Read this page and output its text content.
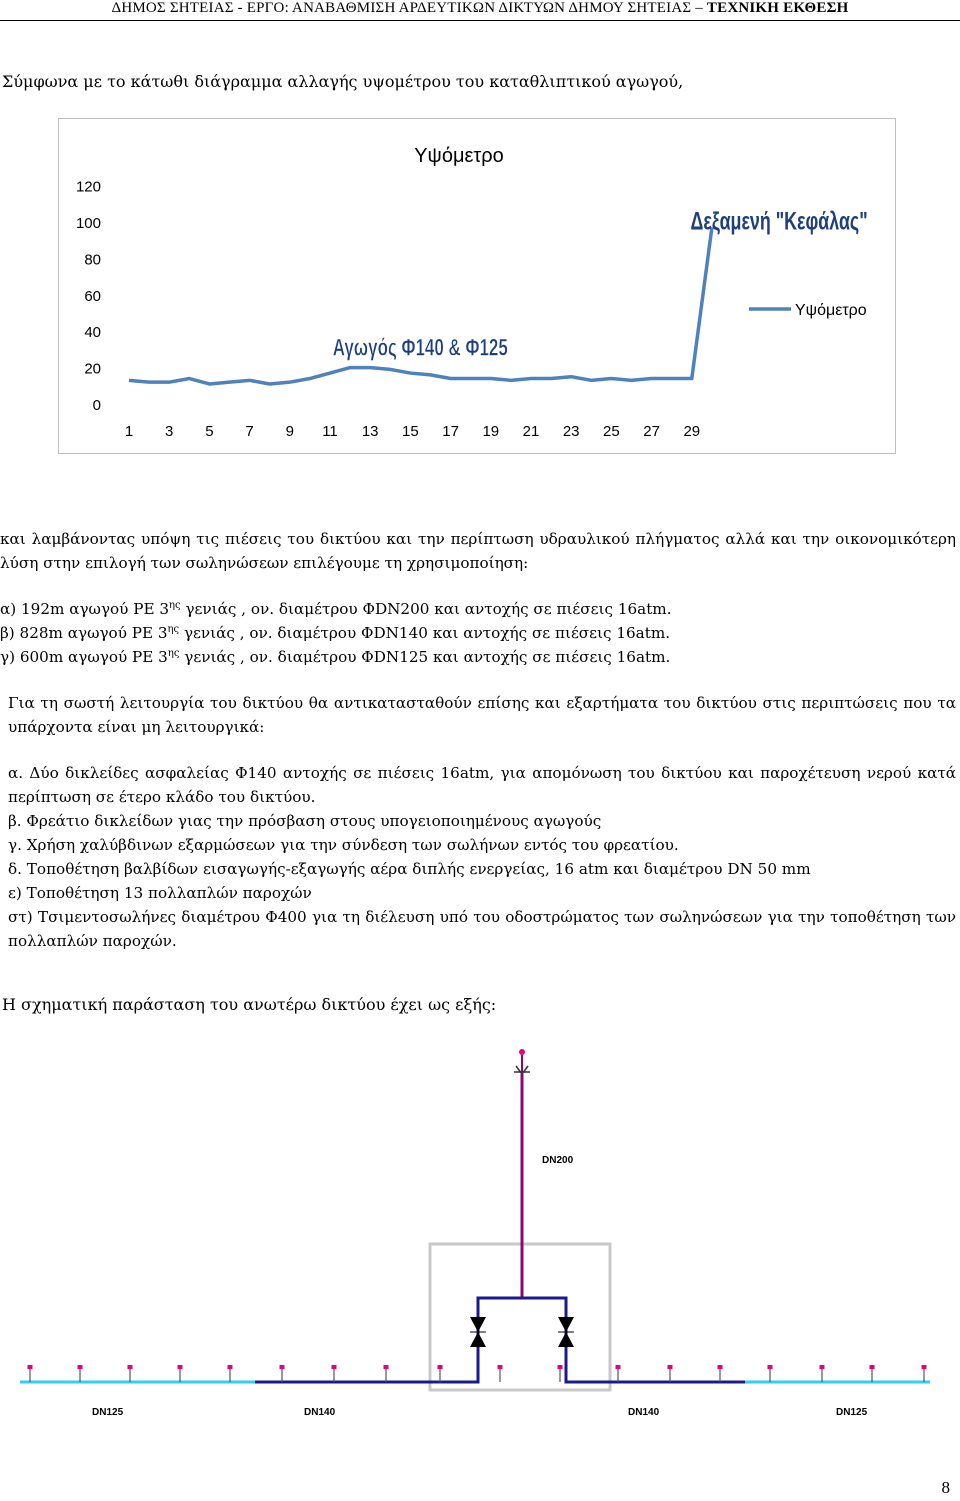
ΔΗΜΟΣ ΣΗΤΕΙΑΣ - ΕΡΓΟ: ΑΝΑΒΑΘΜΙΣΗ ΑΡΔΕΥΤΙΚΩΝ ΔΙΚΤΥΩΝ ΔΗΜΟΥ ΣΗΤΕΙΑΣ – ΤΕΧΝΙΚΗ ΕΚΘΕΣΗ
Σύμφωνα με το κάτωθι διάγραμμα αλλαγής υψομέτρου του καταθλιπτικού αγωγού,
Υψόμετρο
0
20
40
60
80
100
120
1 3 5 7 9 11 13 15 17 19 21 23 25 27 29
Αγωγός Φ140 & Φ125
Δεξαμενή "Κεφάλας"
Υψόμετρο

και λαμβάνοντας υπόψη τις πιέσεις του δικτύου και την περίπτωση υδραυλικού πλήγματος αλλά και την οικονομικότερη λύση στην επιλογή των σωληνώσεων επιλέγουμε τη χρησιμοποίηση:

α) 192m αγωγού PE $3^{\eta\varsigma}$ γενιάς , ον. διαμέτρου ΦDN200 και αντοχής σε πιέσεις 16atm.
β) 828m αγωγού PE $3^{\eta\varsigma}$ γενιάς , ον. διαμέτρου ΦDN140 και αντοχής σε πιέσεις 16atm.
γ) 600m αγωγού PE $3^{\eta\varsigma}$ γενιάς , ον. διαμέτρου ΦDN125 και αντοχής σε πιέσεις 16atm.

Για τη σωστή λειτουργία του δικτύου θα αντικατασταθούν επίσης και εξαρτήματα του δικτύου στις περιπτώσεις που τα υπάρχοντα είναι μη λειτουργικά:

α. Δύο δικλείδες ασφαλείας Φ140 αντοχής σε πιέσεις 16atm, για απομόνωση του δικτύου και παροχέτευση νερού κατά περίπτωση σε έτερο κλάδο του δικτύου.

β. Φρεάτιο δικλείδων γιας την πρόσβαση στους υπογειοποιημένους αγωγούς

γ. Χρήση χαλύβδινων εξαρμώσεων για την σύνδεση των σωλήνων εντός του φρεατίου.

δ. Τοποθέτηση βαλβίδων εισαγωγής-εξαγωγής αέρα διπλής ενεργείας, 16 atm και διαμέτρου DN 50 mm

ε) Τοποθέτηση 13 πολλαπλών παροχών

στ) Τσιμεντοσωλήνες διαμέτρου Φ400 για τη διέλευση υπό του οδοστρώματος των σωληνώσεων για την τοποθέτηση των πολλαπλών παροχών.

Η σχηματική παράσταση του ανωτέρω δικτύου έχει ως εξής:
DN200
DN125	DN140	DN140	DN125
8
